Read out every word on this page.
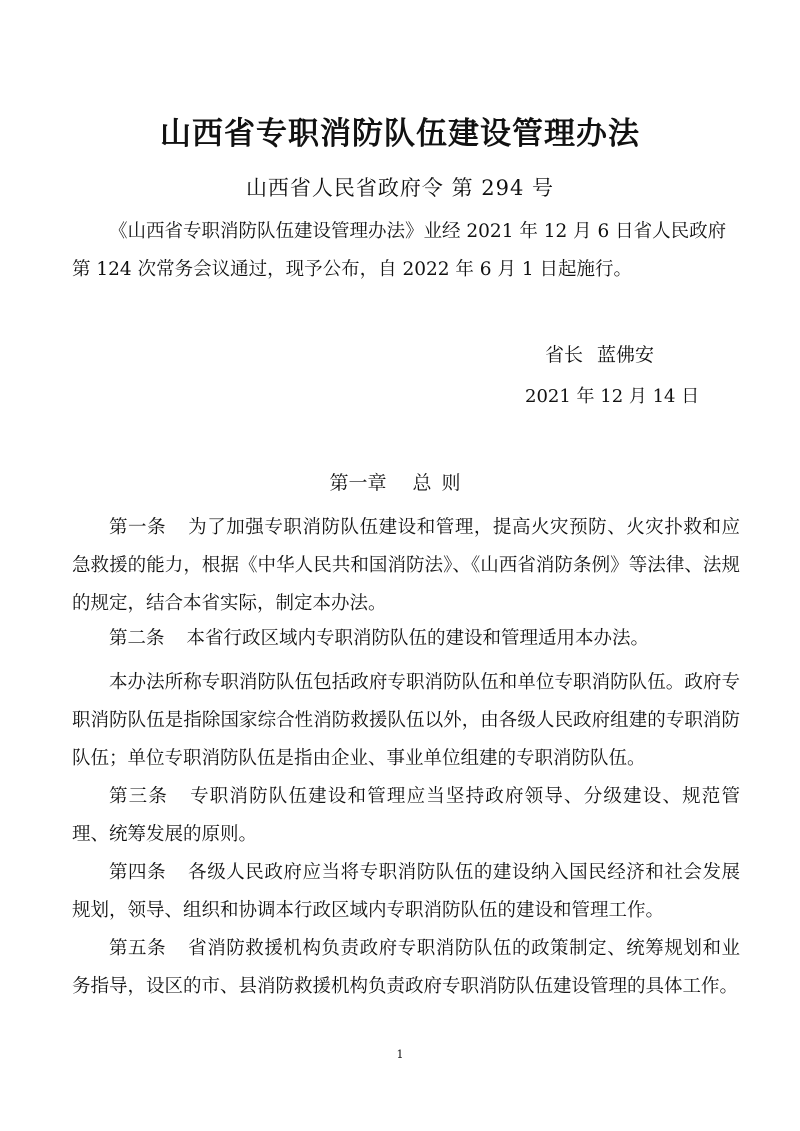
山西省专职消防队伍建设管理办法
山西省人民省政府令 第 294 号

《山西省专职消防队伍建设管理办法》业经 2021 年 12 月 6 日省人民政府第 124 次常务会议通过，现予公布，自 2022 年 6 月 1 日起施行。

省长 蓝佛安
2021 年 12 月 14 日
第一章 总则

第一条 为了加强专职消防队伍建设和管理，提高火灾预防、火灾扑救和应急救援的能力，根据《中华人民共和国消防法》、《山西省消防条例》等法律、法规的规定，结合本省实际，制定本办法。

第二条 本省行政区域内专职消防队伍的建设和管理适用本办法。

本办法所称专职消防队伍包括政府专职消防队伍和单位专职消防队伍。政府专职消防队伍是指除国家综合性消防救援队伍以外，由各级人民政府组建的专职消防队伍；单位专职消防队伍是指由企业、事业单位组建的专职消防队伍。

第三条 专职消防队伍建设和管理应当坚持政府领导、分级建设、规范管理、统筹发展的原则。

第四条 各级人民政府应当将专职消防队伍的建设纳入国民经济和社会发展规划，领导、组织和协调本行政区域内专职消防队伍的建设和管理工作。

第五条 省消防救援机构负责政府专职消防队伍的政策制定、统筹规划和业务指导，设区的市、县消防救援机构负责政府专职消防队伍建设管理的具体工作。

1
